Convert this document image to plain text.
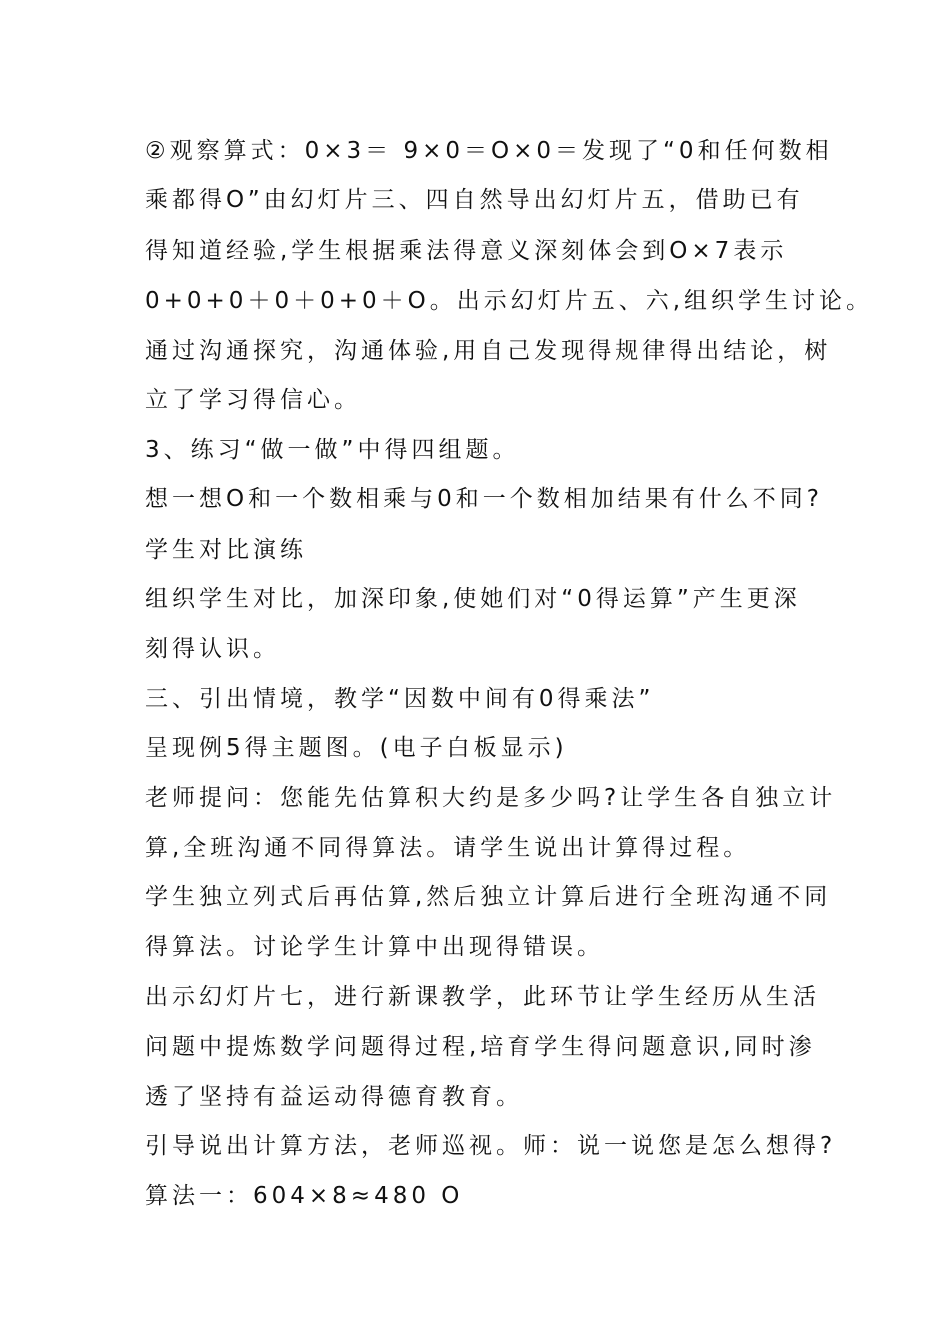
②观察算式：0×3＝ 9×0＝O×0＝发现了“0和任何数相
乘都得O”由幻灯片三、四自然导出幻灯片五，借助已有
得知道经验,学生根据乘法得意义深刻体会到O×7表示
0+0+0＋0＋0+0＋O。出示幻灯片五、六,组织学生讨论。
通过沟通探究，沟通体验,用自己发现得规律得出结论，树
立了学习得信心。
3、练习“做一做”中得四组题。
想一想O和一个数相乘与0和一个数相加结果有什么不同?
学生对比演练
组织学生对比，加深印象,使她们对“0得运算”产生更深
刻得认识。
三、引出情境，教学“因数中间有0得乘法”
呈现例5得主题图。(电子白板显示)
老师提问：您能先估算积大约是多少吗?让学生各自独立计
算,全班沟通不同得算法。请学生说出计算得过程。
学生独立列式后再估算,然后独立计算后进行全班沟通不同
得算法。讨论学生计算中出现得错误。
出示幻灯片七，进行新课教学，此环节让学生经历从生活
问题中提炼数学问题得过程,培育学生得问题意识,同时渗
透了坚持有益运动得德育教育。
引导说出计算方法，老师巡视。师：说一说您是怎么想得?
算法一：604×8≈480 O
